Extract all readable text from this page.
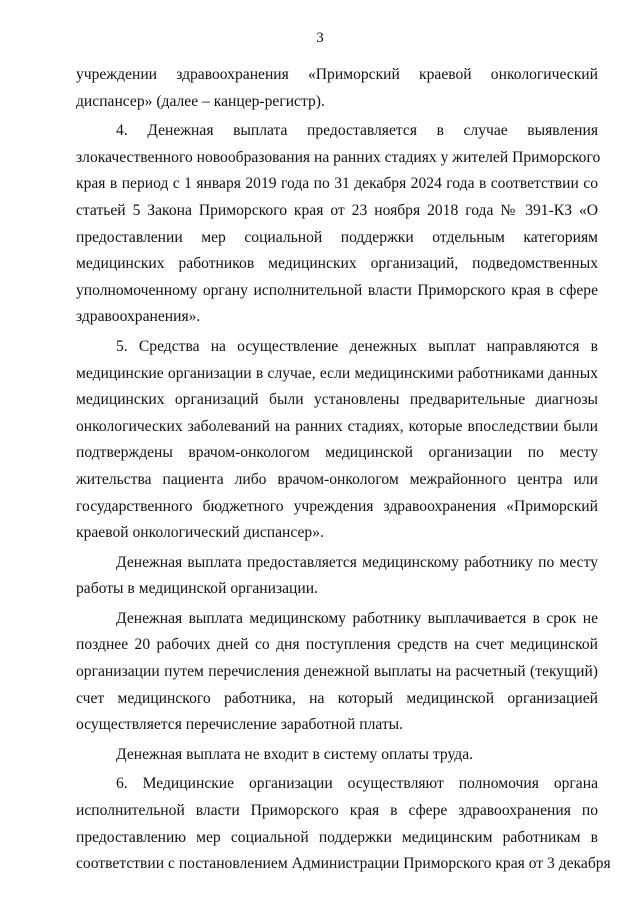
3
учреждении здравоохранения «Приморский краевой онкологический
диспансер» (далее – канцер-регистр).
4. Денежная выплата предоставляется в случае выявления
злокачественного новообразования на ранних стадиях у жителей Приморского
края в период с 1 января 2019 года по 31 декабря 2024 года в соответствии со
статьей 5 Закона Приморского края от 23 ноября 2018 года № 391-КЗ «О
предоставлении мер социальной поддержки отдельным категориям
медицинских работников медицинских организаций, подведомственных
уполномоченному органу исполнительной власти Приморского края в сфере
здравоохранения».
5. Средства на осуществление денежных выплат направляются в
медицинские организации в случае, если медицинскими работниками данных
медицинских организаций были установлены предварительные диагнозы
онкологических заболеваний на ранних стадиях, которые впоследствии были
подтверждены врачом-онкологом медицинской организации по месту
жительства пациента либо врачом-онкологом межрайонного центра или
государственного бюджетного учреждения здравоохранения «Приморский
краевой онкологический диспансер».
Денежная выплата предоставляется медицинскому работнику по месту
работы в медицинской организации.
Денежная выплата медицинскому работнику выплачивается в срок не
позднее 20 рабочих дней со дня поступления средств на счет медицинской
организации путем перечисления денежной выплаты на расчетный (текущий)
счет медицинского работника, на который медицинской организацией
осуществляется перечисление заработной платы.
Денежная выплата не входит в систему оплаты труда.
6. Медицинские организации осуществляют полномочия органа
исполнительной власти Приморского края в сфере здравоохранения по
предоставлению мер социальной поддержки медицинским работникам в
соответствии с постановлением Администрации Приморского края от 3 декабря
